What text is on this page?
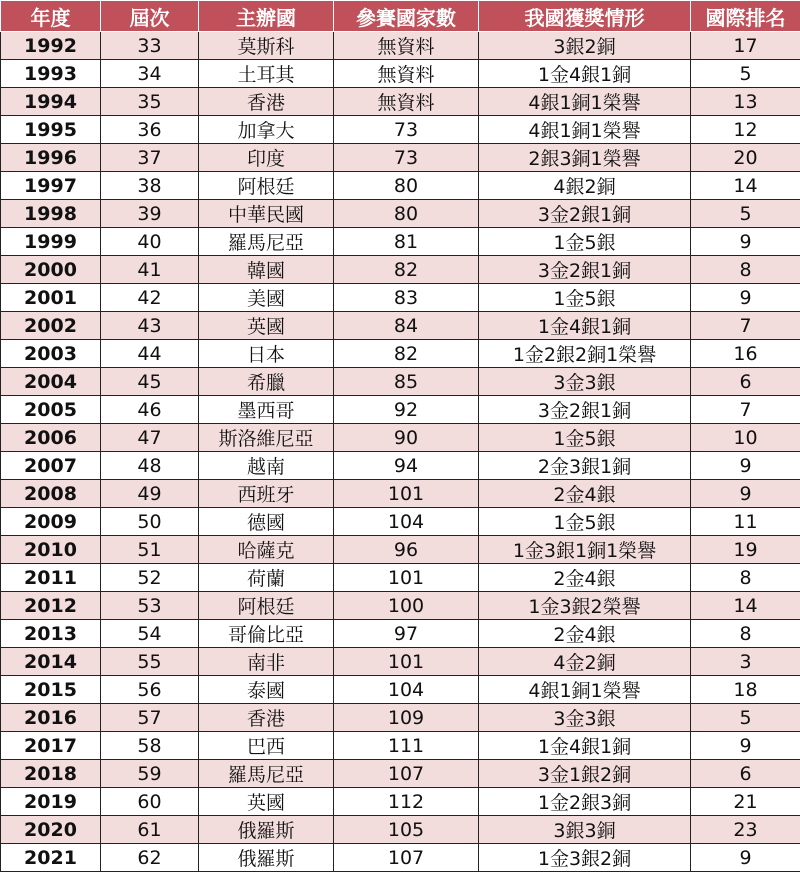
年度	屆次	主辦國	參賽國家數	我國獲獎情形	國際排名
1992	33	莫斯科	無資料	3銀2銅	17
1993	34	土耳其	無資料	1金4銀1銅	5
1994	35	香港	無資料	4銀1銅1榮譽	13
1995	36	加拿大	73	4銀1銅1榮譽	12
1996	37	印度	73	2銀3銅1榮譽	20
1997	38	阿根廷	80	4銀2銅	14
1998	39	中華民國	80	3金2銀1銅	5
1999	40	羅馬尼亞	81	1金5銀	9
2000	41	韓國	82	3金2銀1銅	8
2001	42	美國	83	1金5銀	9
2002	43	英國	84	1金4銀1銅	7
2003	44	日本	82	1金2銀2銅1榮譽	16
2004	45	希臘	85	3金3銀	6
2005	46	墨西哥	92	3金2銀1銅	7
2006	47	斯洛維尼亞	90	1金5銀	10
2007	48	越南	94	2金3銀1銅	9
2008	49	西班牙	101	2金4銀	9
2009	50	德國	104	1金5銀	11
2010	51	哈薩克	96	1金3銀1銅1榮譽	19
2011	52	荷蘭	101	2金4銀	8
2012	53	阿根廷	100	1金3銀2榮譽	14
2013	54	哥倫比亞	97	2金4銀	8
2014	55	南非	101	4金2銅	3
2015	56	泰國	104	4銀1銅1榮譽	18
2016	57	香港	109	3金3銀	5
2017	58	巴西	111	1金4銀1銅	9
2018	59	羅馬尼亞	107	3金1銀2銅	6
2019	60	英國	112	1金2銀3銅	21
2020	61	俄羅斯	105	3銀3銅	23
2021	62	俄羅斯	107	1金3銀2銅	9
